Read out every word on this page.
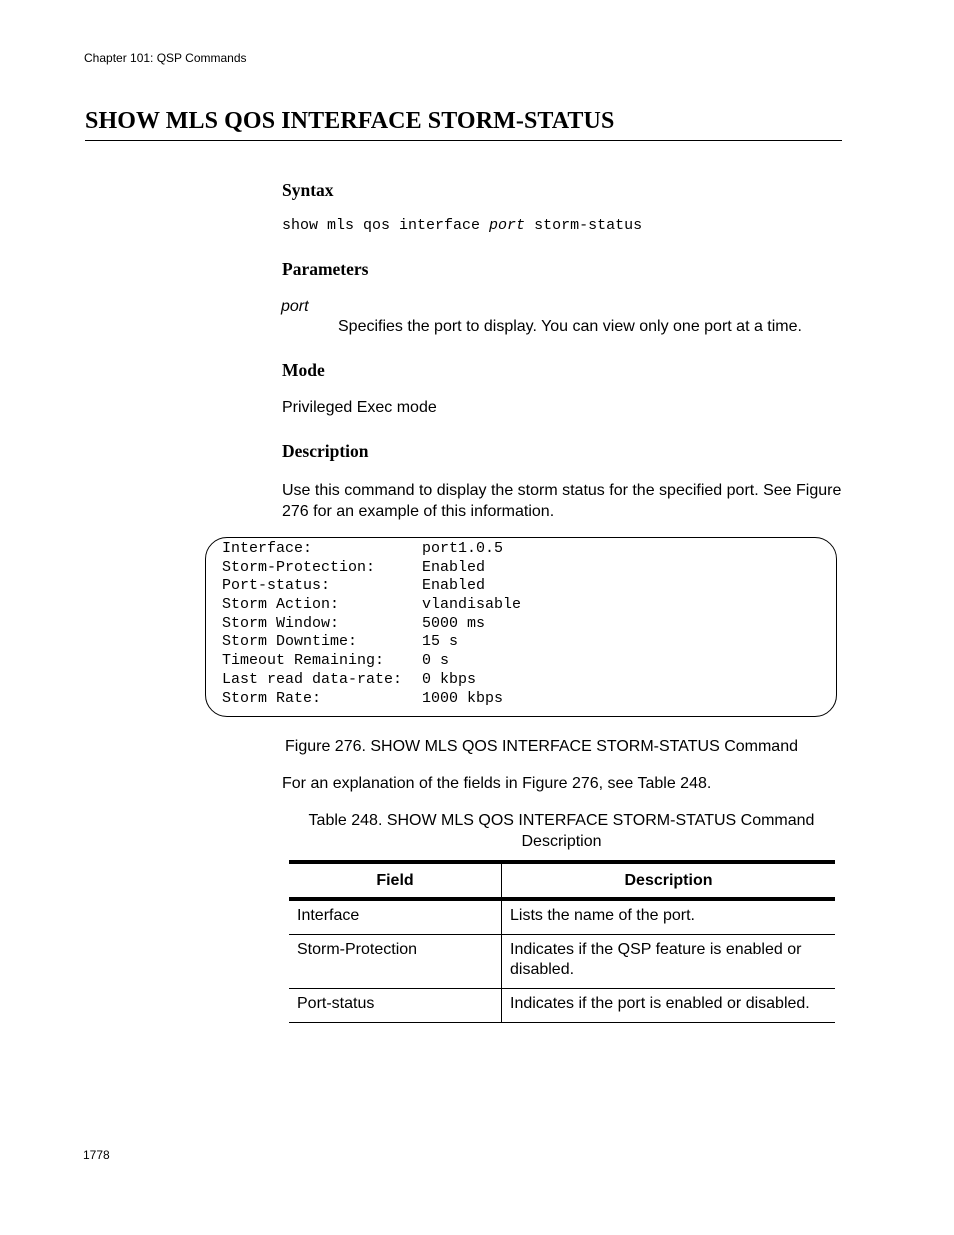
Chapter 101: QSP Commands
SHOW MLS QOS INTERFACE STORM-STATUS
Syntax
show mls qos interface port storm-status
Parameters
port
Specifies the port to display. You can view only one port at a time.
Mode
Privileged Exec mode
Description
Use this command to display the storm status for the specified port. See Figure 276 for an example of this information.
Interface:	port1.0.5
Storm-Protection:	Enabled
Port-status:	Enabled
Storm Action:	vlandisable
Storm Window:	5000 ms
Storm Downtime:	15 s
Timeout Remaining:	0 s
Last read data-rate: 0 kbps
Storm Rate:	1000 kbps
Figure 276. SHOW MLS QOS INTERFACE STORM-STATUS Command
For an explanation of the fields in Figure 276, see Table 248.
Table 248. SHOW MLS QOS INTERFACE STORM-STATUS Command
Description
Field	Description
Interface	Lists the name of the port.
Storm-Protection	Indicates if the QSP feature is enabled or disabled.
Port-status	Indicates if the port is enabled or disabled.
1778
